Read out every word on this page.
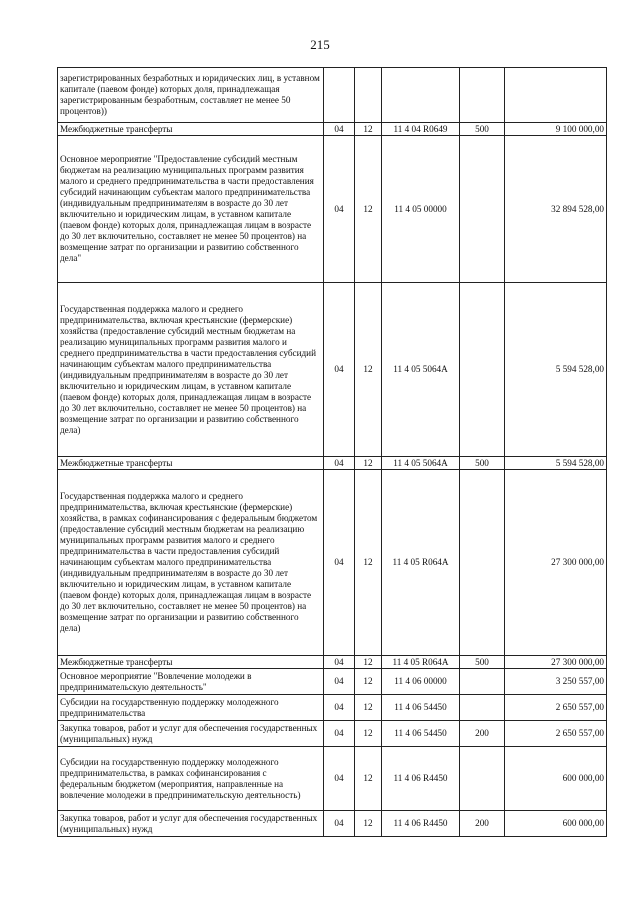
215
зарегистрированных безработных и юридических лиц, в уставном капитале (паевом фонде) которых доля, принадлежащая зарегистрированным безработным, составляет не менее 50 процентов))					
Межбюджетные трансферты	04	12	11 4 04 R0649	500	9 100 000,00
Основное мероприятие "Предоставление субсидий местным бюджетам на реализацию муниципальных программ развития малого и среднего предпринимательства в части предоставления субсидий начинающим субъектам малого предпринимательства (индивидуальным предпринимателям в возрасте до 30 лет включительно и юридическим лицам, в уставном капитале (паевом фонде) которых доля, принадлежащая лицам в возрасте до 30 лет включительно, составляет не менее 50 процентов) на возмещение затрат по организации и развитию собственного дела"	04	12	11 4 05 00000		32 894 528,00
Государственная поддержка малого и среднего предпринимательства, включая крестьянские (фермерские) хозяйства (предоставление субсидий местным бюджетам на реализацию муниципальных программ развития малого и среднего предпринимательства в части предоставления субсидий начинающим субъектам малого предпринимательства (индивидуальным предпринимателям в возрасте до 30 лет включительно и юридическим лицам, в уставном капитале (паевом фонде) которых доля, принадлежащая лицам в возрасте до 30 лет включительно, составляет не менее 50 процентов) на возмещение затрат по организации и развитию собственного дела)	04	12	11 4 05 5064A		5 594 528,00
Межбюджетные трансферты	04	12	11 4 05 5064A	500	5 594 528,00
Государственная поддержка малого и среднего предпринимательства, включая крестьянские (фермерские) хозяйства, в рамках софинансирования с федеральным бюджетом (предоставление субсидий местным бюджетам на реализацию муниципальных программ развития малого и среднего предпринимательства в части предоставления субсидий начинающим субъектам малого предпринимательства (индивидуальным предпринимателям в возрасте до 30 лет включительно и юридическим лицам, в уставном капитале (паевом фонде) которых доля, принадлежащая лицам в возрасте до 30 лет включительно, составляет не менее 50 процентов) на возмещение затрат по организации и развитию собственного дела)	04	12	11 4 05 R064A		27 300 000,00
Межбюджетные трансферты	04	12	11 4 05 R064A	500	27 300 000,00
Основное мероприятие "Вовлечение молодежи в предпринимательскую деятельность"	04	12	11 4 06 00000		3 250 557,00
Субсидии на государственную поддержку молодежного предпринимательства	04	12	11 4 06 54450		2 650 557,00
Закупка товаров, работ и услуг для обеспечения государственных (муниципальных) нужд	04	12	11 4 06 54450	200	2 650 557,00
Субсидии на государственную поддержку молодежного предпринимательства, в рамках софинансирования с федеральным бюджетом (мероприятия, направленные на вовлечение молодежи в предпринимательскую деятельность)	04	12	11 4 06 R4450		600 000,00
Закупка товаров, работ и услуг для обеспечения государственных (муниципальных) нужд	04	12	11 4 06 R4450	200	600 000,00
